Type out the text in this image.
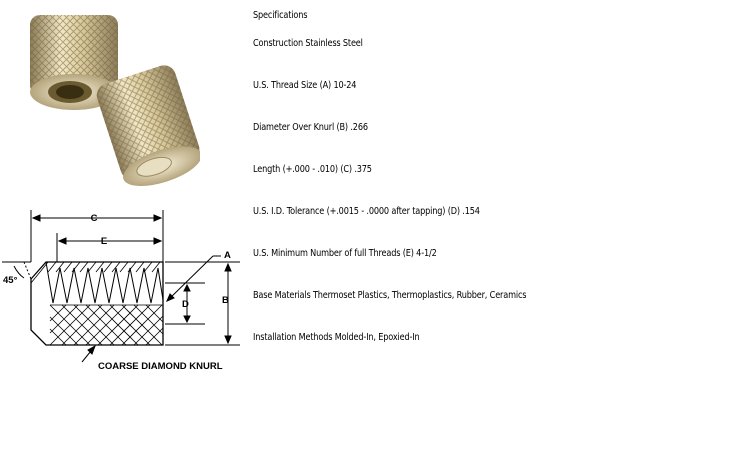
C
E
A
B
D
45°
COARSE DIAMOND KNURL
Specifications
Construction Stainless Steel
U.S. Thread Size (A) 10-24
Diameter Over Knurl (B) .266
Length (+.000 - .010) (C) .375
U.S. I.D. Tolerance (+.0015 - .0000 after tapping) (D) .154
U.S. Minimum Number of full Threads (E) 4-1/2
Base Materials Thermoset Plastics, Thermoplastics, Rubber, Ceramics
Installation Methods Molded-In, Epoxied-In
